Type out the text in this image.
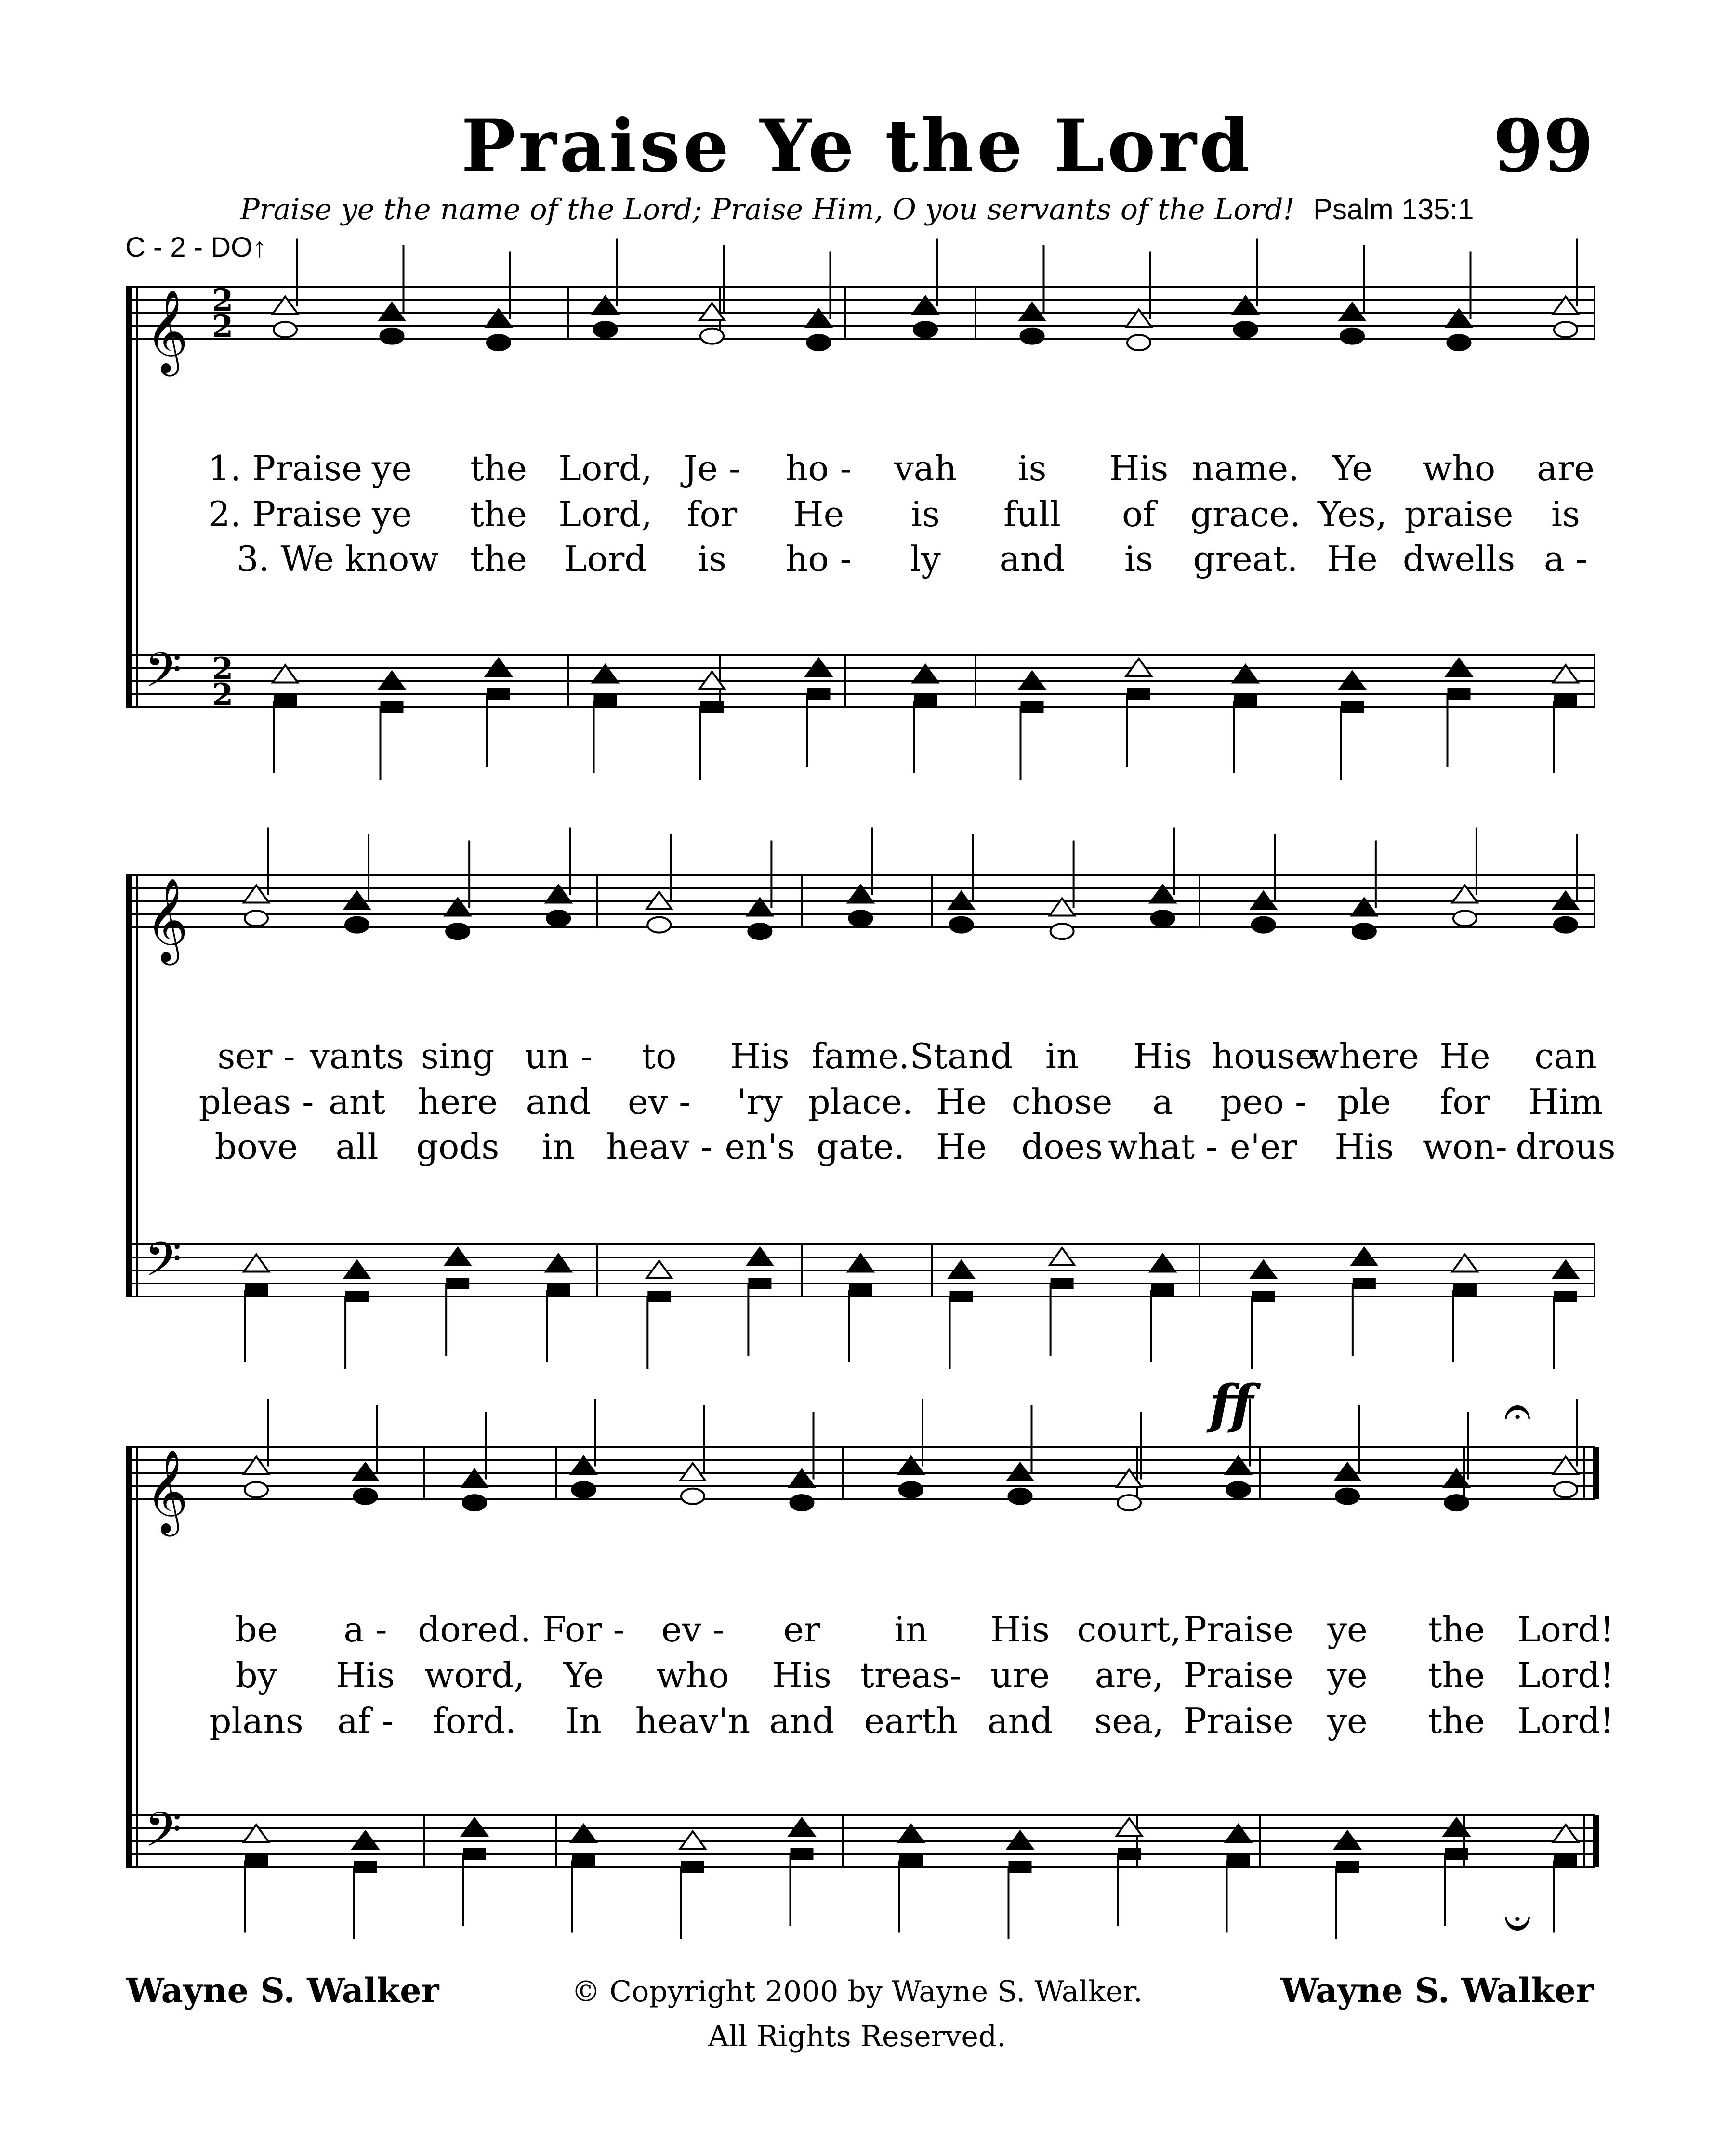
Praise Ye the Lord	99
Praise ye the name of the Lord; Praise Him, O you servants of the Lord! Psalm 135:1
C - 2 - DO↑
𝄞
𝄢
2
2
2
2
𝄞
𝄢
𝄞
𝄢
ff	𝄐
𝄑
1. Praise ye the Lord, Je - ho - vah is His name. Ye who are
2. Praise ye the Lord, for He is full of grace. Yes, praise is
3. We know the Lord is ho - ly and is great. He dwells a -
ser - vants sing un - to His fame. Stand in His house
where He can
pleas - ant here and ev - 'ry place. He chose a peo - ple for Him
bove all gods in heav - en's gate. He does what - e'er His won- drous
be a - dored. For - ev - er in His court, Praise ye the Lord!
by His word, Ye who His treas- ure are, Praise ye the Lord!
plans af - ford. In heav'n and earth and sea, Praise ye the Lord!
Wayne S. Walker	© Copyright 2000 by Wayne S. Walker.
All Rights Reserved.
Wayne S. Walker
